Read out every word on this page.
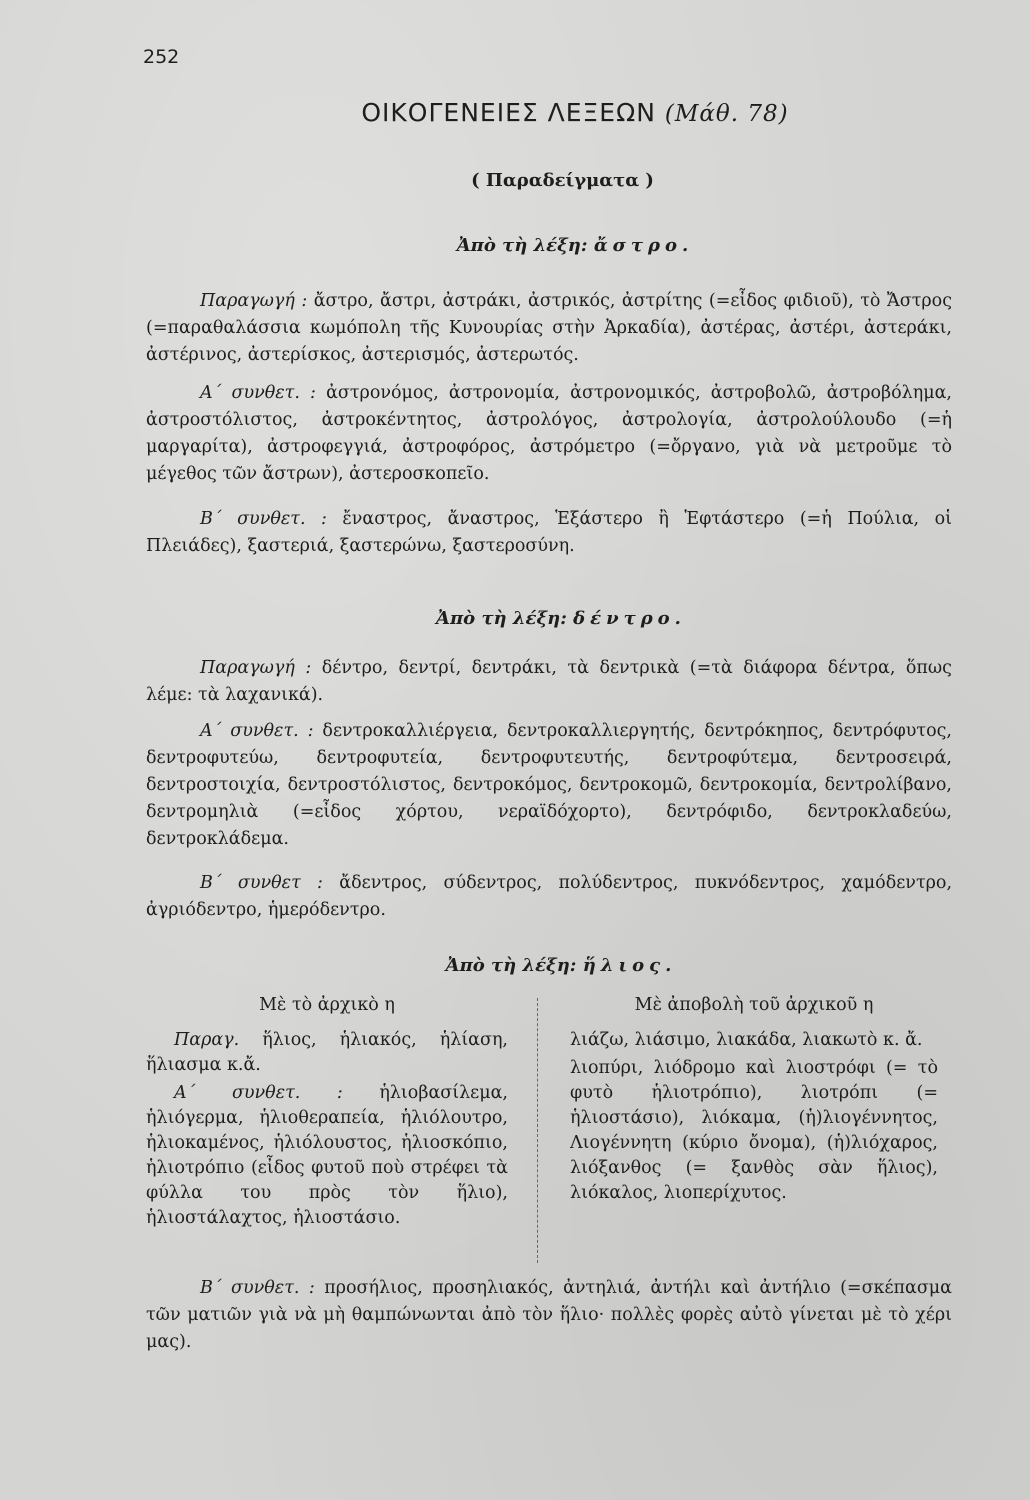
252
ΟΙΚΟΓΕΝΕΙΕΣ ΛΕΞΕΩΝ (Μάθ. 78)
( Παραδείγματα )
Ἀπὸ τὴ λέξη: ἄστρο.

Παραγωγή : ἄστρο, ἄστρι, ἀστράκι, ἀστρικός, ἀστρίτης (=εἶδος φιδιοῦ), τὸ Ἄστρος (=παραθαλάσσια κωμόπολη τῆς Κυνουρίας στὴν Ἀρκαδία), ἀστέρας, ἀστέρι, ἀστεράκι, ἀστέρινος, ἀστερίσκος, ἀστερισμός, ἀστερωτός.

Α΄ συνθετ. : ἀστρονόμος, ἀστρονομία, ἀστρονομικός, ἀστροβολῶ, ἀστροβόλημα, ἀστροστόλιστος, ἀστροκέντητος, ἀστρολόγος, ἀστρολογία, ἀστρολούλουδο (=ἡ μαργαρίτα), ἀστροφεγγιά, ἀστροφόρος, ἀστρόμετρο (=ὄργανο, γιὰ νὰ μετροῦμε τὸ μέγεθος τῶν ἄστρων), ἀστεροσκοπεῖο.

Β΄ συνθετ. : ἔναστρος, ἄναστρος, Ἑξάστερο ἢ Ἑφτάστερο (=ἡ Πούλια, οἱ Πλειάδες), ξαστεριά, ξαστερώνω, ξαστεροσύνη.

Ἀπὸ τὴ λέξη: δέντρο.

Παραγωγή : δέντρο, δεντρί, δεντράκι, τὰ δεντρικὰ (=τὰ διάφορα δέντρα, ὅπως λέμε: τὰ λαχανικά).

Α΄ συνθετ. : δεντροκαλλιέργεια, δεντροκαλλιεργητής, δεντρόκηπος, δεντρόφυτος, δεντροφυτεύω, δεντροφυτεία, δεντροφυτευτής, δεντροφύτεμα, δεντροσειρά, δεντροστοιχία, δεντροστόλιστος, δεντροκόμος, δεντροκομῶ, δεντροκομία, δεντρολίβανο, δεντρομηλιὰ (=εἶδος χόρτου, νεραϊδόχορτο), δεντρόφιδο, δεντροκλαδεύω, δεντροκλάδεμα.

Β΄ συνθετ : ἄδεντρος, σύδεντρος, πολύδεντρος, πυκνόδεντρος, χαμόδεντρο, ἀγριόδεντρο, ἡμερόδεντρο.

Ἀπὸ τὴ λέξη: ἥλιος.

Μὲ τὸ ἀρχικὸ η

Παραγ. ἥλιος, ἡλιακός, ἡλίαση, ἥλιασμα κ.ἄ.

Α΄ συνθετ. : ἡλιοβασίλεμα, ἡλιόγερμα, ἡλιοθεραπεία, ἡλιόλουτρο, ἡλιοκαμένος, ἡλιόλουστος, ἡλιοσκόπιο, ἡλιοτρόπιο (εἶδος φυτοῦ ποὺ στρέφει τὰ φύλλα του πρὸς τὸν ἥλιο), ἡλιοστάλαχτος, ἡλιοστάσιο.

Μὲ ἀποβολὴ τοῦ ἀρχικοῦ η

λιάζω, λιάσιμο, λιακάδα, λιακωτὸ κ. ἄ.

λιοπύρι, λιόδρομο καὶ λιοστρόφι (= τὸ φυτὸ ἡλιοτρόπιο), λιοτρόπι (= ἡλιοστάσιο), λιόκαμα, (ἡ)λιογέννητος, Λιογέννητη (κύριο ὄνομα), (ἡ)λιόχαρος, λιόξανθος (= ξανθὸς σὰν ἥλιος), λιόκαλος, λιοπερίχυτος.

Β΄ συνθετ. : προσήλιος, προσηλιακός, ἀντηλιά, ἀντήλι καὶ ἀντήλιο (=σκέπασμα τῶν ματιῶν γιὰ νὰ μὴ θαμπώνωνται ἀπὸ τὸν ἥλιο· πολλὲς φορὲς αὐτὸ γίνεται μὲ τὸ χέρι μας).
